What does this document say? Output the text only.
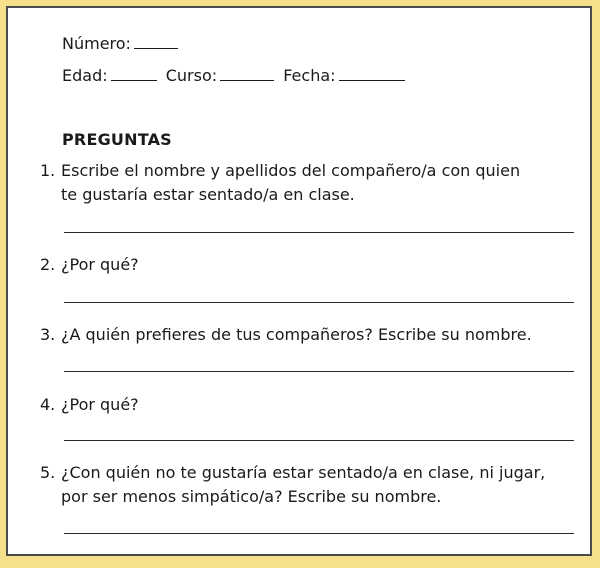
Número:
Edad:	Curso:	Fecha:
PREGUNTAS
1. Escribe el nombre y apellidos del compañero/a con quien
te gustaría estar sentado/a en clase.
2. ¿Por qué?
3. ¿A quién prefieres de tus compañeros? Escribe su nombre.
4. ¿Por qué?
5. ¿Con quién no te gustaría estar sentado/a en clase, ni jugar,
por ser menos simpático/a? Escribe su nombre.
